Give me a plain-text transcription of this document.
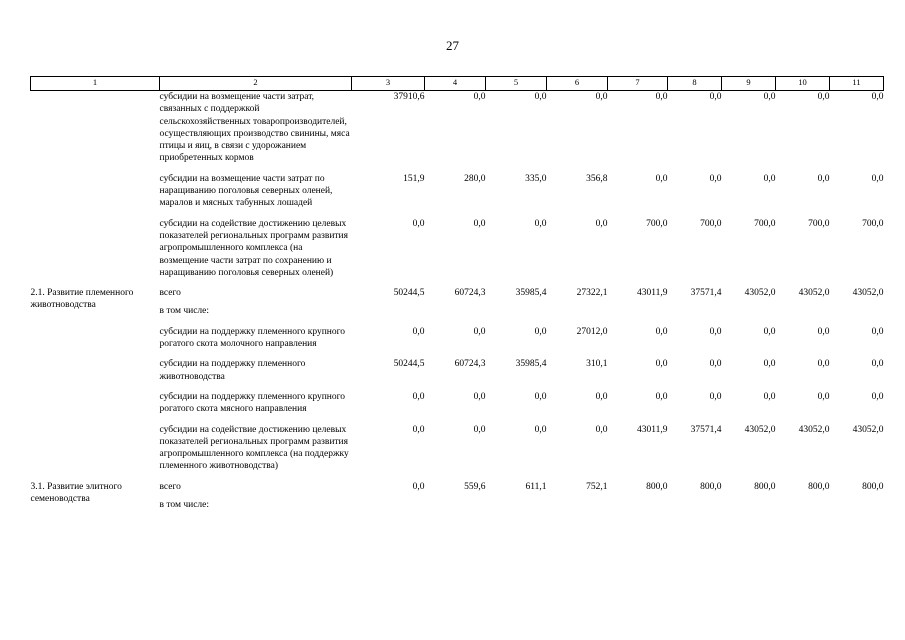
27
1	2	3	4	5	6	7	8	9	10	11
	субсидии на возмещение части затрат, связанных с поддержкой сельскохозяйственных товаропроизводителей, осуществляющих производство свинины, мяса птицы и яиц, в связи с удорожанием приобретенных кормов	37910,6	0,0	0,0	0,0	0,0	0,0	0,0	0,0	0,0
	субсидии на возмещение части затрат по наращиванию поголовья северных оленей, маралов и мясных табунных лошадей	151,9	280,0	335,0	356,8	0,0	0,0	0,0	0,0	0,0
	субсидии на содействие достижению целевых показателей региональных программ развития агропромышленного комплекса (на возмещение части затрат по сохранению и наращиванию поголовья северных оленей)	0,0	0,0	0,0	0,0	700,0	700,0	700,0	700,0	700,0
2.1. Развитие племенного животноводства	всего	50244,5	60724,3	35985,4	27322,1	43011,9	37571,4	43052,0	43052,0	43052,0
	в том числе:									
	субсидии на поддержку племенного крупного рогатого скота молочного направления	0,0	0,0	0,0	27012,0	0,0	0,0	0,0	0,0	0,0
	субсидии на поддержку племенного животноводства	50244,5	60724,3	35985,4	310,1	0,0	0,0	0,0	0,0	0,0
	субсидии на поддержку племенного крупного рогатого скота мясного направления	0,0	0,0	0,0	0,0	0,0	0,0	0,0	0,0	0,0
	субсидии на содействие достижению целевых показателей региональных программ развития агропромышленного комплекса (на поддержку племенного животноводства)	0,0	0,0	0,0	0,0	43011,9	37571,4	43052,0	43052,0	43052,0
3.1. Развитие элитного семеноводства	всего	0,0	559,6	611,1	752,1	800,0	800,0	800,0	800,0	800,0
	в том числе:									
